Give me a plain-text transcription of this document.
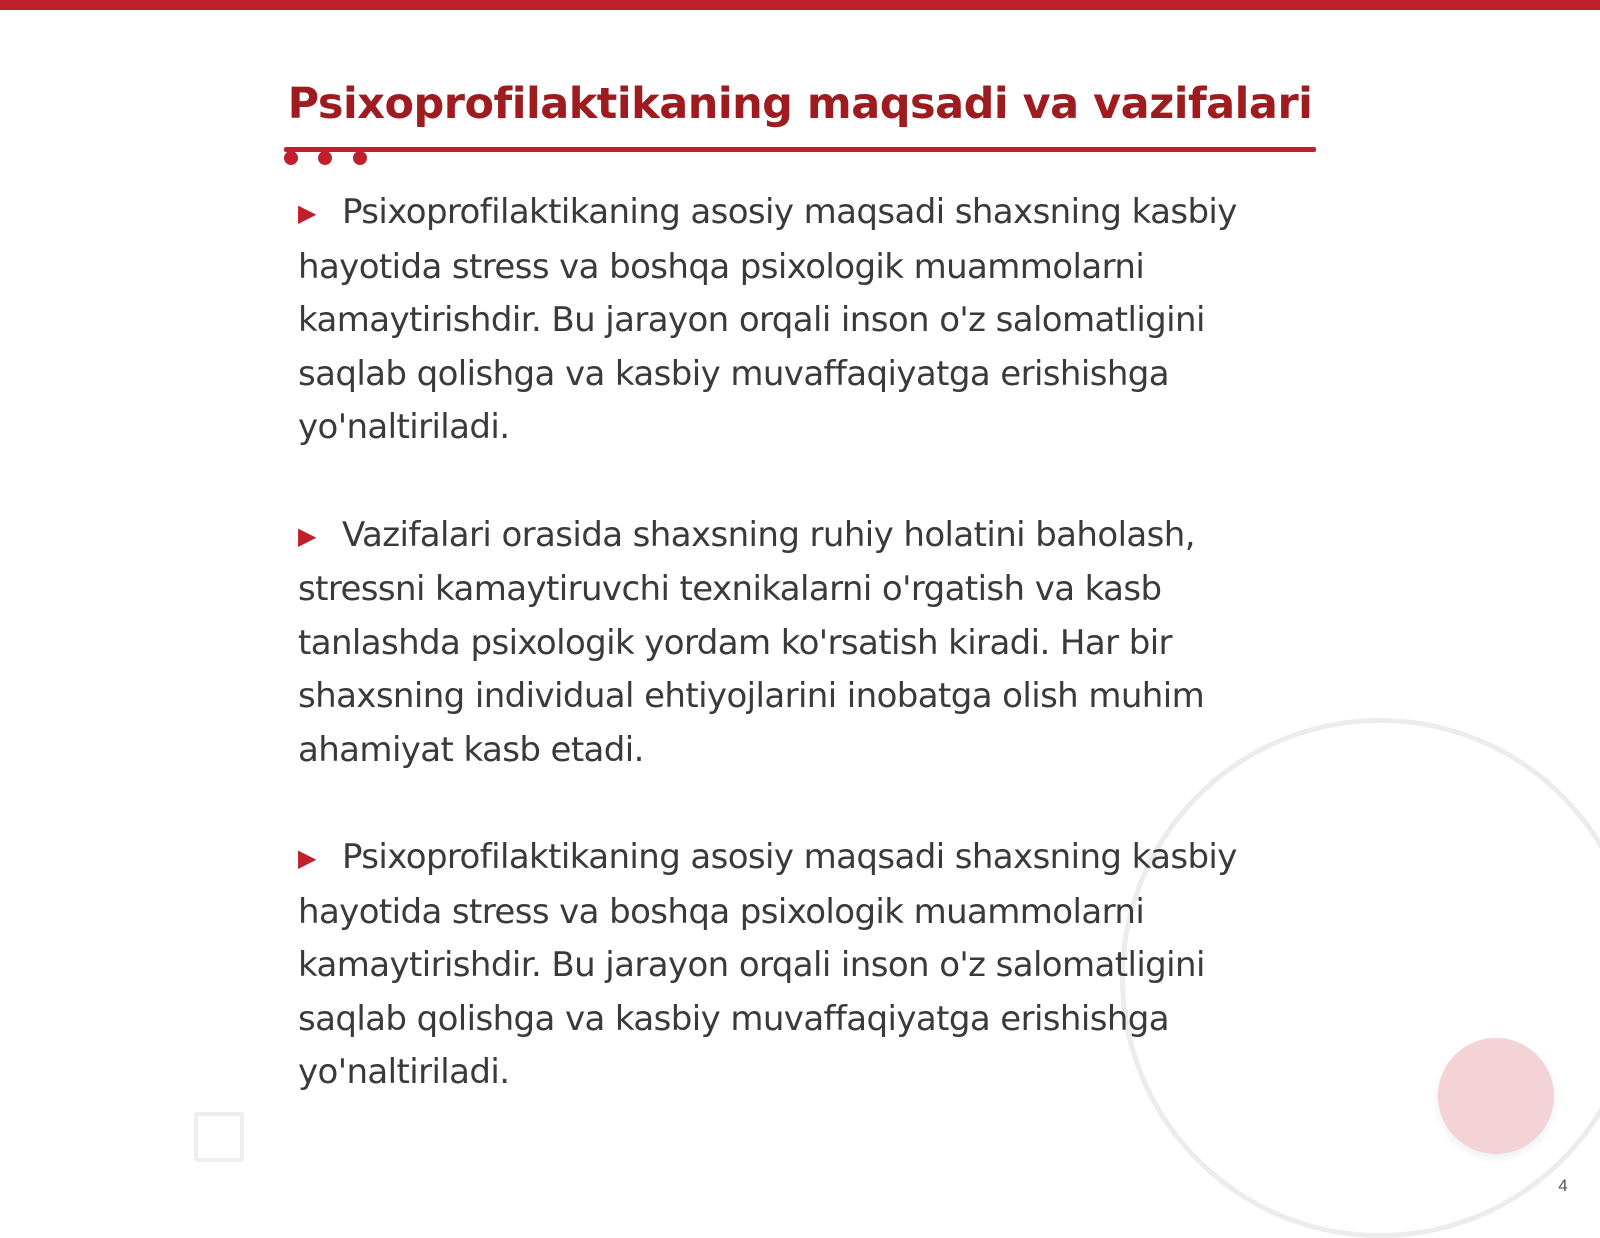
Psixoprofilaktikaning maqsadi va vazifalari

▶ Psixoprofilaktikaning asosiy maqsadi shaxsning kasbiy hayotida stress va boshqa psixologik muammolarni kamaytirishdir. Bu jarayon orqali inson o'z salomatligini saqlab qolishga va kasbiy muvaffaqiyatga erishishga yo'naltiriladi.

▶ Vazifalari orasida shaxsning ruhiy holatini baholash, stressni kamaytiruvchi texnikalarni o'rgatish va kasb tanlashda psixologik yordam ko'rsatish kiradi. Har bir shaxsning individual ehtiyojlarini inobatga olish muhim ahamiyat kasb etadi.

▶ Psixoprofilaktikaning asosiy maqsadi shaxsning kasbiy hayotida stress va boshqa psixologik muammolarni kamaytirishdir. Bu jarayon orqali inson o'z salomatligini saqlab qolishga va kasbiy muvaffaqiyatga erishishga yo'naltiriladi.

4
